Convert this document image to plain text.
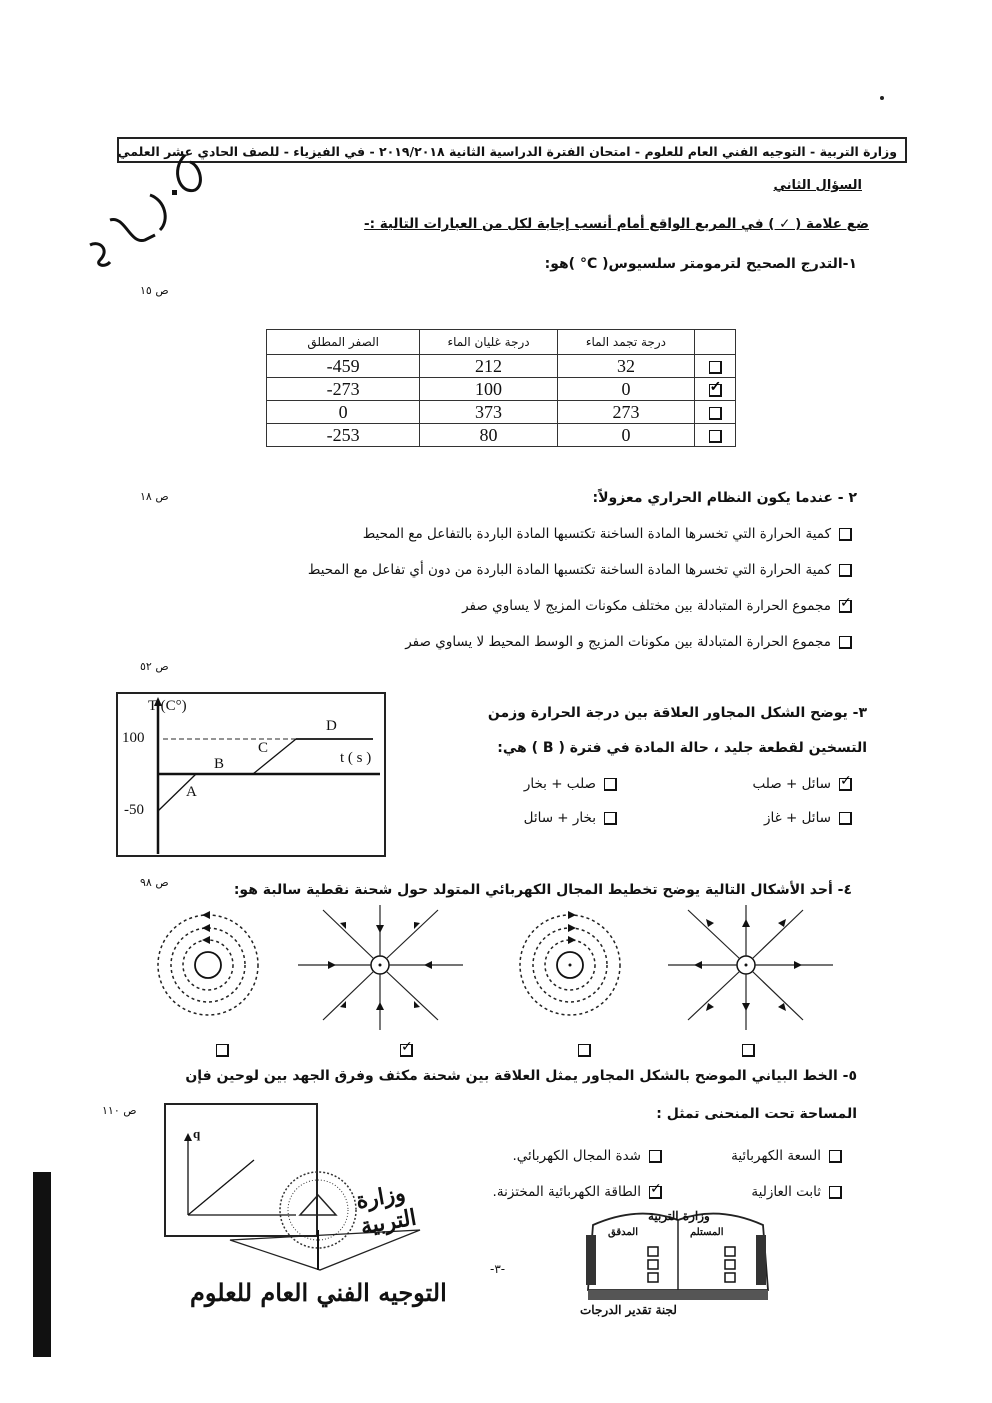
وزارة التربية - التوجيه الفني العام للعلوم - امتحان الفترة الدراسية الثانية ٢٠١٩/٢٠١٨ - في الفيزياء - للصف الحادي عشر العلمي
السؤال الثاني
ضع علامة ( ✓ ) في المربع الواقع أمام أنسب إجابة لكل من العبارات التالية :-
١-التدرج الصحيح لترمومتر سلسيوس( C° )هو:
ص ١٥
الصفر المطلق	درجة غليان الماء	درجة تجمد الماء	
-459	212	32	
-273	100	0	✓
0	373	273	
-253	80	0	
٢ - عندما يكون النظام الحراري معزولاً:
ص ١٨
كمية الحرارة التي تخسرها المادة الساخنة تكتسبها المادة الباردة بالتفاعل مع المحيط
كمية الحرارة التي تخسرها المادة الساخنة تكتسبها المادة الباردة من دون أي تفاعل مع المحيط
✓مجموع الحرارة المتبادلة بين مختلف مكونات المزيج لا يساوي صفر
مجموع الحرارة المتبادلة بين مكونات المزيج و الوسط المحيط لا يساوي صفر
ص ٥٢
T (C°)
100
-50
t ( s )
A
B
C
D
٣- يوضح الشكل المجاور العلاقة بين درجة الحرارة وزمن
التسخين لقطعة جليد ، حالة المادة في فترة ( B ) هي:
✓سائل + صلب
صلب + بخار
سائل + غاز
بخار + سائل
٤- أحد الأشكال التالية يوضح تخطيط المجال الكهربائي المتولد حول شحنة نقطية سالبة هو:
ص ٩٨
✓
٥- الخط البياني الموضح بالشكل المجاور يمثل العلاقة بين شحنة مكثف وفرق الجهد بين لوحين فإن
المساحة تحت المنحنى تمثل :
ص ١١٠
q
السعة الكهربائية
شدة المجال الكهربائي.
ثابت العازلية
✓الطاقة الكهربائية المختزنة.
وزارة التربية
التوجيه الفني العام للعلوم
-٣-
وزارة التربية
المستلم
المدقق
لجنة تقدير الدرجات
